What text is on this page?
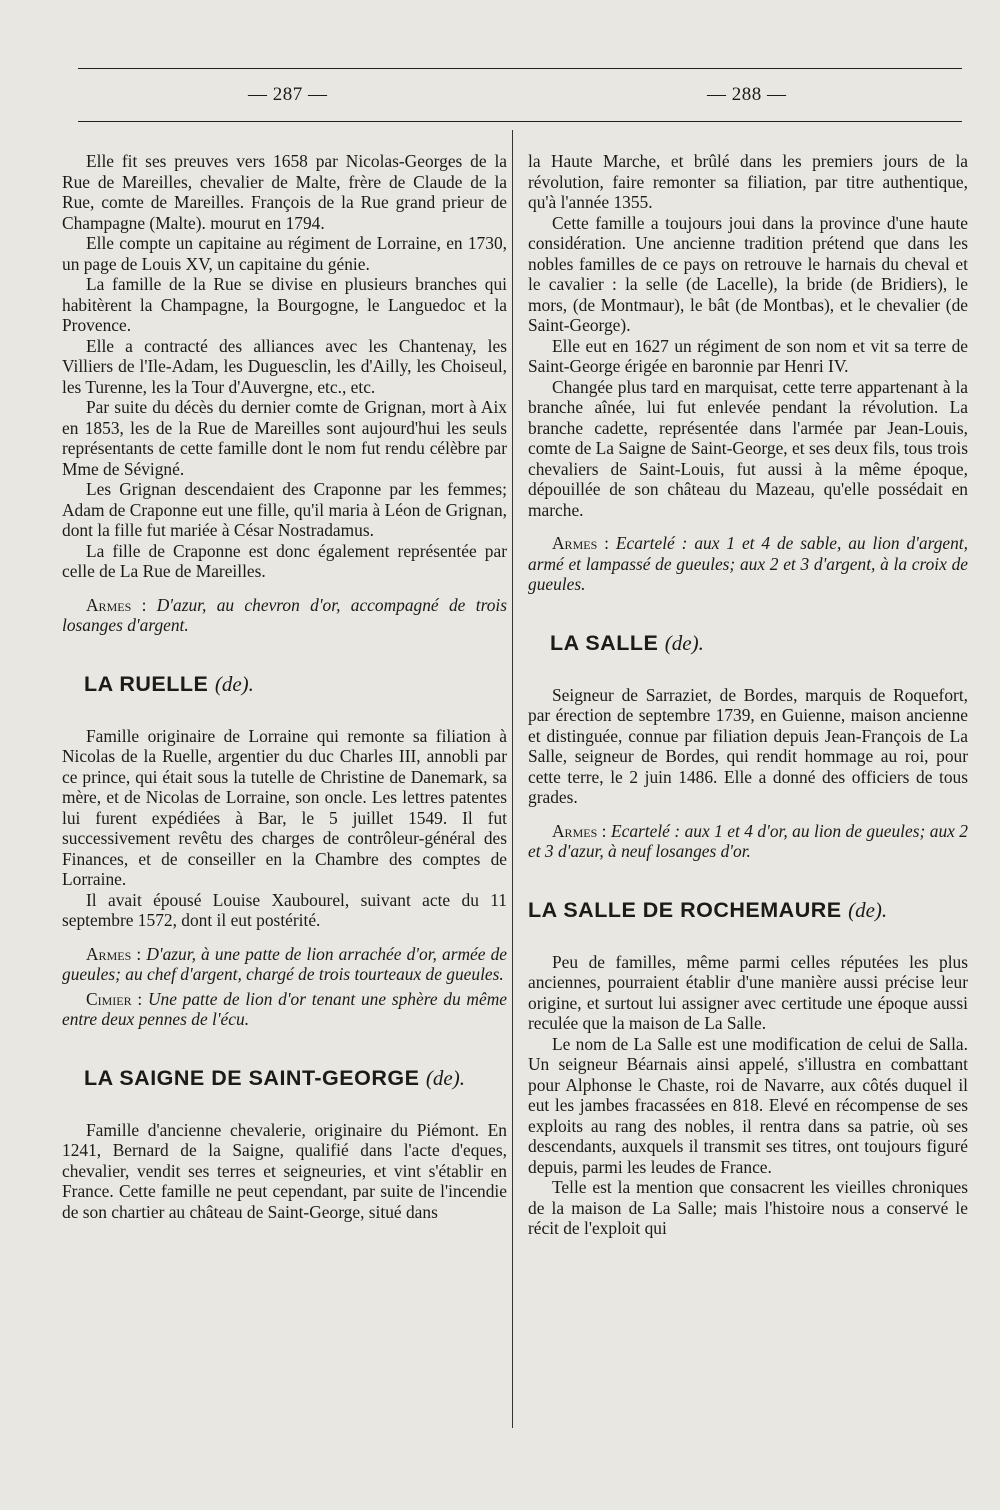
— 287 —	— 288 —

Elle fit ses preuves vers 1658 par Nicolas-Georges de la Rue de Mareilles, chevalier de Malte, frère de Claude de la Rue, comte de Mareilles. François de la Rue grand prieur de Champagne (Malte). mourut en 1794.

Elle compte un capitaine au régiment de Lorraine, en 1730, un page de Louis XV, un capitaine du génie.

La famille de la Rue se divise en plusieurs branches qui habitèrent la Champagne, la Bourgogne, le Languedoc et la Provence.

Elle a contracté des alliances avec les Chantenay, les Villiers de l'Ile-Adam, les Duguesclin, les d'Ailly, les Choiseul, les Turenne, les la Tour d'Auvergne, etc., etc.

Par suite du décès du dernier comte de Grignan, mort à Aix en 1853, les de la Rue de Mareilles sont aujourd'hui les seuls représentants de cette famille dont le nom fut rendu célèbre par Mme de Sévigné.

Les Grignan descendaient des Craponne par les femmes; Adam de Craponne eut une fille, qu'il maria à Léon de Grignan, dont la fille fut mariée à César Nostradamus.

La fille de Craponne est donc également représentée par celle de La Rue de Mareilles.

Armes : D'azur, au chevron d'or, accompagné de trois losanges d'argent.

LA RUELLE (de).

Famille originaire de Lorraine qui remonte sa filiation à Nicolas de la Ruelle, argentier du duc Charles III, annobli par ce prince, qui était sous la tutelle de Christine de Danemark, sa mère, et de Nicolas de Lorraine, son oncle. Les lettres patentes lui furent expédiées à Bar, le 5 juillet 1549. Il fut successivement revêtu des charges de contrôleur-général des Finances, et de conseiller en la Chambre des comptes de Lorraine.

Il avait épousé Louise Xaubourel, suivant acte du 11 septembre 1572, dont il eut postérité.

Armes : D'azur, à une patte de lion arrachée d'or, armée de gueules; au chef d'argent, chargé de trois tourteaux de gueules.

Cimier : Une patte de lion d'or tenant une sphère du même entre deux pennes de l'écu.

LA SAIGNE DE SAINT-GEORGE (de).

Famille d'ancienne chevalerie, originaire du Piémont. En 1241, Bernard de la Saigne, qualifié dans l'acte d'eques, chevalier, vendit ses terres et seigneuries, et vint s'établir en France. Cette famille ne peut cependant, par suite de l'incendie de son chartier au château de Saint-George, situé dans

la Haute Marche, et brûlé dans les premiers jours de la révolution, faire remonter sa filiation, par titre authentique, qu'à l'année 1355.

Cette famille a toujours joui dans la province d'une haute considération. Une ancienne tradition prétend que dans les nobles familles de ce pays on retrouve le harnais du cheval et le cavalier : la selle (de Lacelle), la bride (de Bridiers), le mors, (de Montmaur), le bât (de Montbas), et le chevalier (de Saint-George).

Elle eut en 1627 un régiment de son nom et vit sa terre de Saint-George érigée en baronnie par Henri IV.

Changée plus tard en marquisat, cette terre appartenant à la branche aînée, lui fut enlevée pendant la révolution. La branche cadette, représentée dans l'armée par Jean-Louis, comte de La Saigne de Saint-George, et ses deux fils, tous trois chevaliers de Saint-Louis, fut aussi à la même époque, dépouillée de son château du Mazeau, qu'elle possédait en marche.

Armes : Ecartelé : aux 1 et 4 de sable, au lion d'argent, armé et lampassé de gueules; aux 2 et 3 d'argent, à la croix de gueules.

LA SALLE (de).

Seigneur de Sarraziet, de Bordes, marquis de Roquefort, par érection de septembre 1739, en Guienne, maison ancienne et distinguée, connue par filiation depuis Jean-François de La Salle, seigneur de Bordes, qui rendit hommage au roi, pour cette terre, le 2 juin 1486. Elle a donné des officiers de tous grades.

Armes : Ecartelé : aux 1 et 4 d'or, au lion de gueules; aux 2 et 3 d'azur, à neuf losanges d'or.

LA SALLE DE ROCHEMAURE (de).

Peu de familles, même parmi celles réputées les plus anciennes, pourraient établir d'une manière aussi précise leur origine, et surtout lui assigner avec certitude une époque aussi reculée que la maison de La Salle.

Le nom de La Salle est une modification de celui de Salla. Un seigneur Béarnais ainsi appelé, s'illustra en combattant pour Alphonse le Chaste, roi de Navarre, aux côtés duquel il eut les jambes fracassées en 818. Elevé en récompense de ses exploits au rang des nobles, il rentra dans sa patrie, où ses descendants, auxquels il transmit ses titres, ont toujours figuré depuis, parmi les leudes de France.

Telle est la mention que consacrent les vieilles chroniques de la maison de La Salle; mais l'histoire nous a conservé le récit de l'exploit qui
